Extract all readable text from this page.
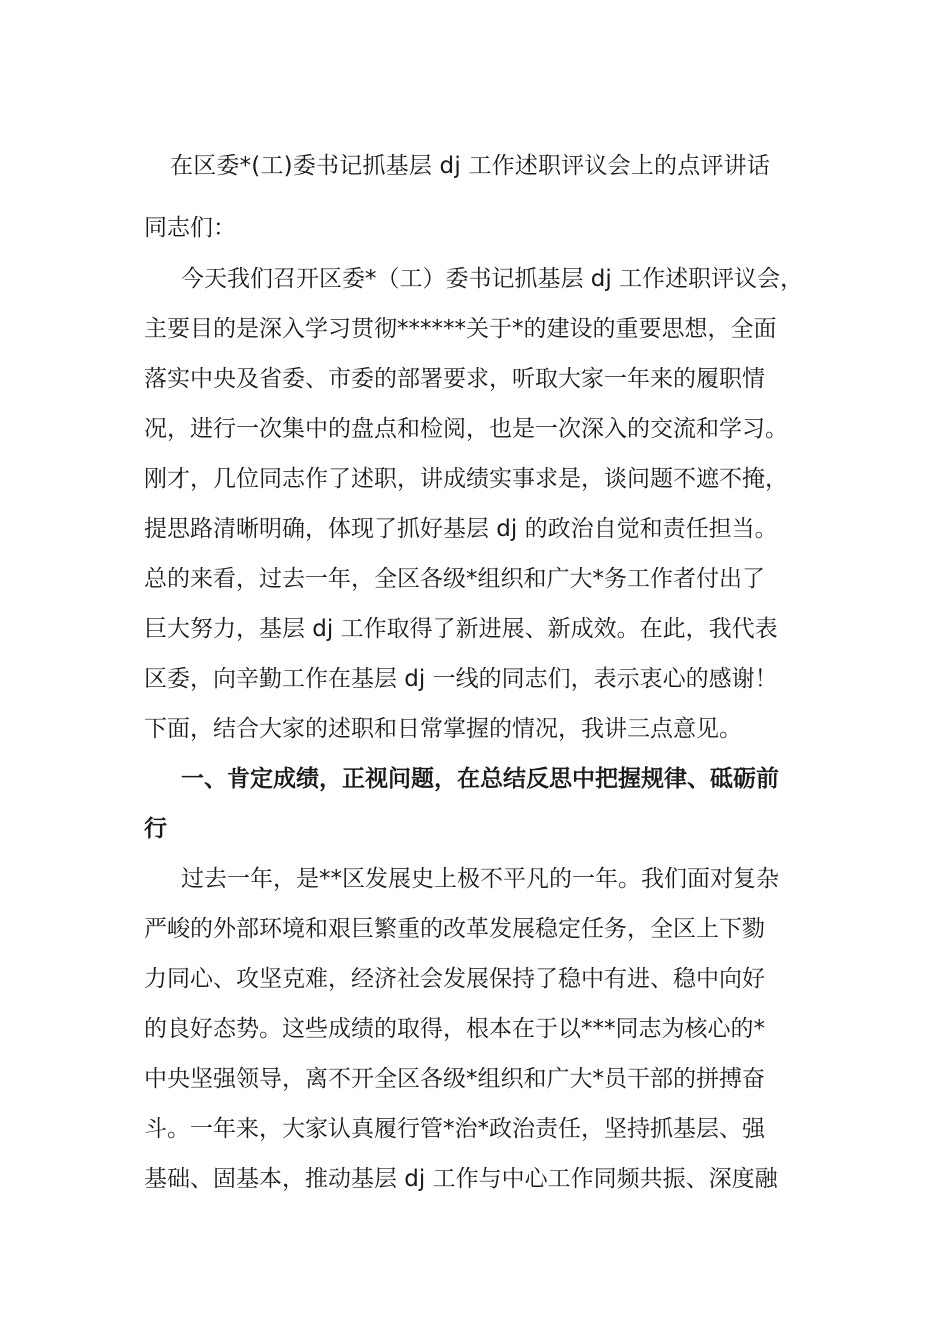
在区委*(工)委书记抓基层 dj 工作述职评议会上的点评讲话
同志们：
今天我们召开区委*（工）委书记抓基层 dj 工作述职评议会，
主要目的是深入学习贯彻******关于*的建设的重要思想，全面
落实中央及省委、市委的部署要求，听取大家一年来的履职情
况，进行一次集中的盘点和检阅，也是一次深入的交流和学习。
刚才，几位同志作了述职，讲成绩实事求是，谈问题不遮不掩，
提思路清晰明确，体现了抓好基层 dj 的政治自觉和责任担当。
总的来看，过去一年，全区各级*组织和广大*务工作者付出了
巨大努力，基层 dj 工作取得了新进展、新成效。在此，我代表
区委，向辛勤工作在基层 dj 一线的同志们，表示衷心的感谢！
下面，结合大家的述职和日常掌握的情况，我讲三点意见。
一、肯定成绩，正视问题，在总结反思中把握规律、砥砺前
行
过去一年，是**区发展史上极不平凡的一年。我们面对复杂
严峻的外部环境和艰巨繁重的改革发展稳定任务，全区上下勠
力同心、攻坚克难，经济社会发展保持了稳中有进、稳中向好
的良好态势。这些成绩的取得，根本在于以***同志为核心的*
中央坚强领导，离不开全区各级*组织和广大*员干部的拼搏奋
斗。一年来，大家认真履行管*治*政治责任，坚持抓基层、强
基础、固基本，推动基层 dj 工作与中心工作同频共振、深度融
